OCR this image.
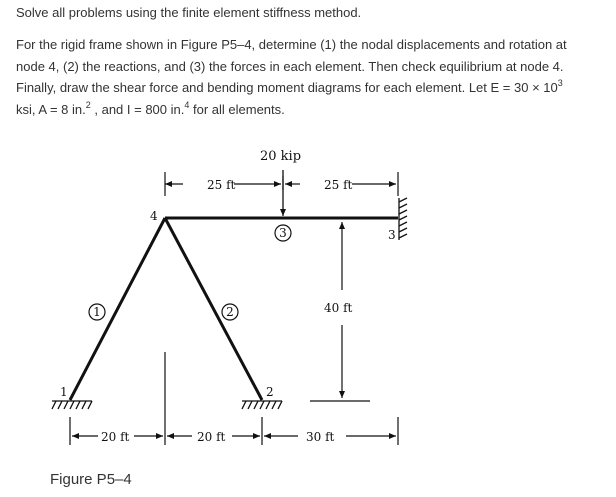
Solve all problems using the finite element stiffness method.

For the rigid frame shown in Figure P5–4, determine (1) the nodal displacements and rotation at
node 4, (2) the reactions, and (3) the forces in each element. Then check equilibrium at node 4.
Finally, draw the shear force and bending moment diagrams for each element. Let $E = 30 \times 10^3$
ksi, A = 8 in.$^2$ , and I = 800 in.$^4$ for all elements.
20 kip
25 ft	25 ft
40 ft
20 ft	20 ft	30 ft
1	2
3
4
1	2
3
Figure P5–4
